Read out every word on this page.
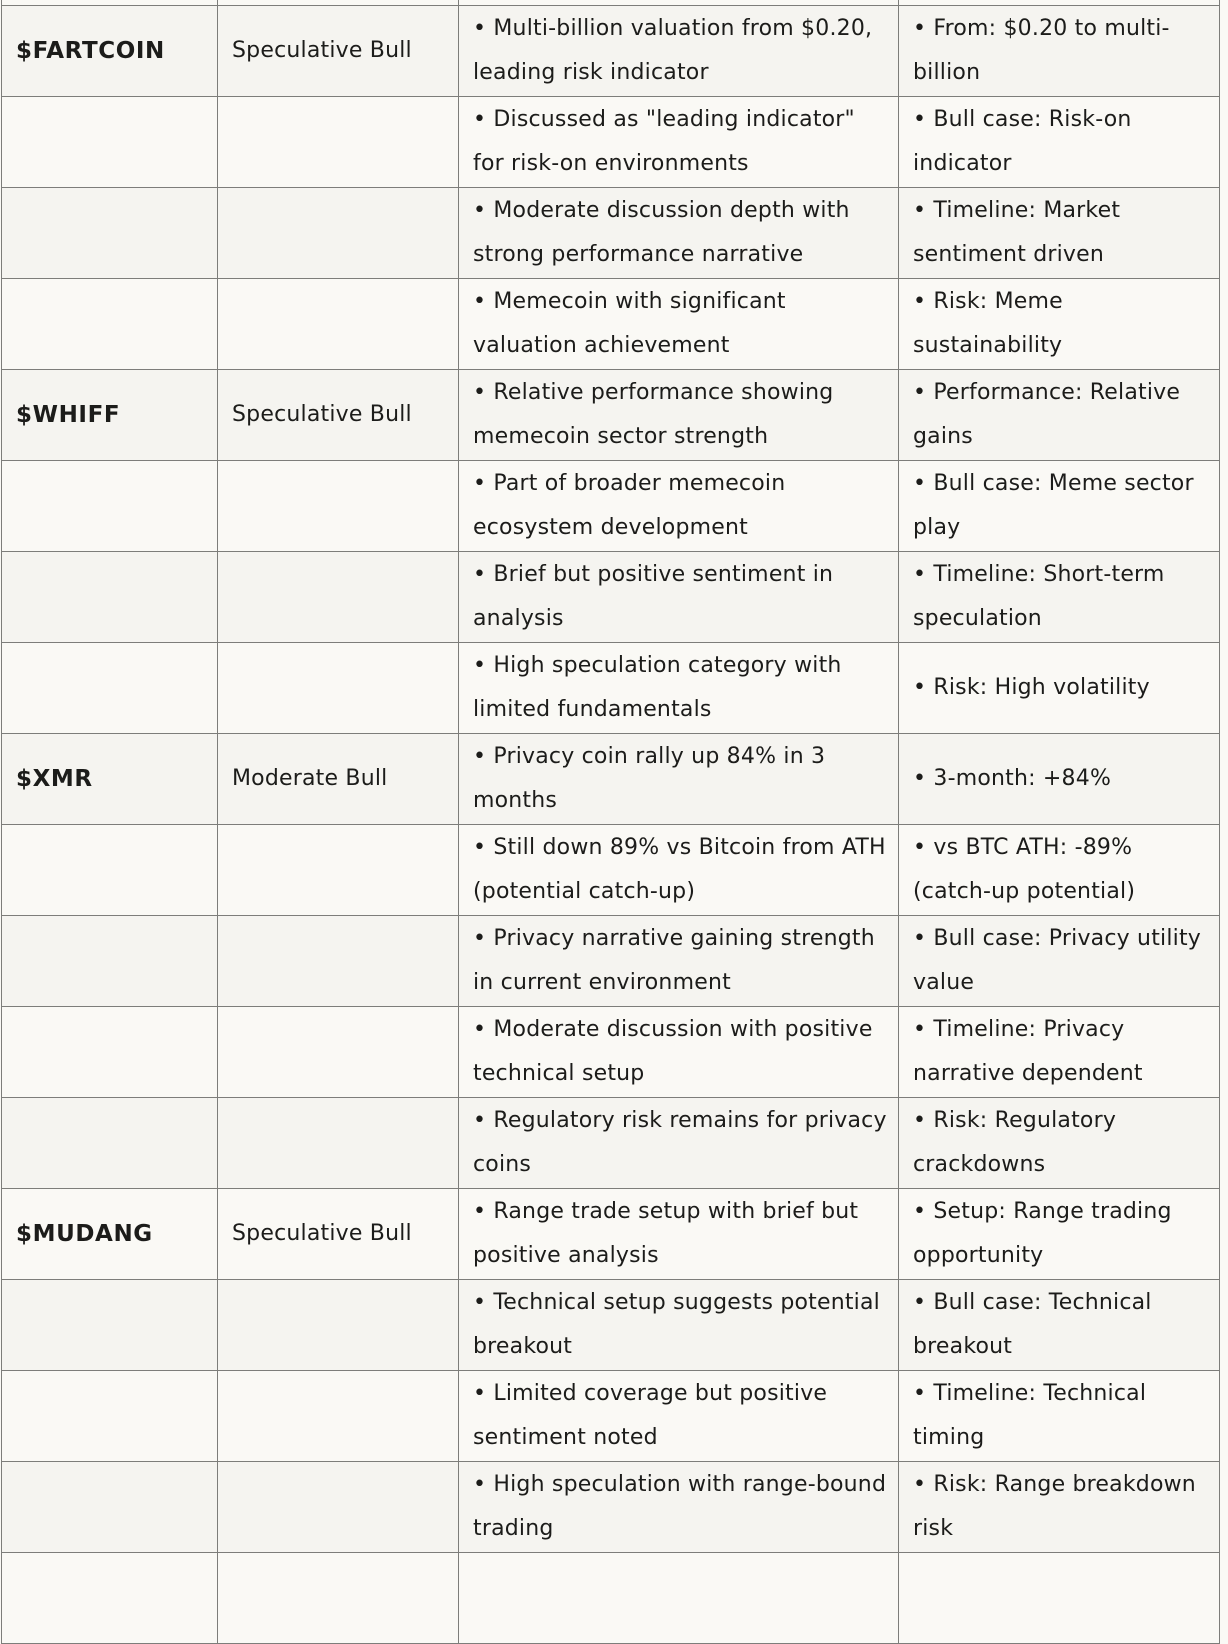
$FARTCOIN	Speculative Bull	• Multi-billion valuation from $0.20, leading risk indicator	• From: $0.20 to multi-billion
		• Discussed as "leading indicator" for risk-on environments	• Bull case: Risk-on indicator
		• Moderate discussion depth with strong performance narrative	• Timeline: Market sentiment driven
		• Memecoin with significant valuation achievement	• Risk: Meme sustainability
$WHIFF	Speculative Bull	• Relative performance showing memecoin sector strength	• Performance: Relative gains
		• Part of broader memecoin ecosystem development	• Bull case: Meme sector play
		• Brief but positive sentiment in analysis	• Timeline: Short-term speculation
		• High speculation category with limited fundamentals	• Risk: High volatility
$XMR	Moderate Bull	• Privacy coin rally up 84% in 3 months	• 3-month: +84%
		• Still down 89% vs Bitcoin from ATH (potential catch-up)	• vs BTC ATH: -89% (catch-up potential)
		• Privacy narrative gaining strength in current environment	• Bull case: Privacy utility value
		• Moderate discussion with positive technical setup	• Timeline: Privacy narrative dependent
		• Regulatory risk remains for privacy coins	• Risk: Regulatory crackdowns
$MUDANG	Speculative Bull	• Range trade setup with brief but positive analysis	• Setup: Range trading opportunity
		• Technical setup suggests potential breakout	• Bull case: Technical breakout
		• Limited coverage but positive sentiment noted	• Timeline: Technical timing
		• High speculation with range-bound trading	• Risk: Range breakdown risk
